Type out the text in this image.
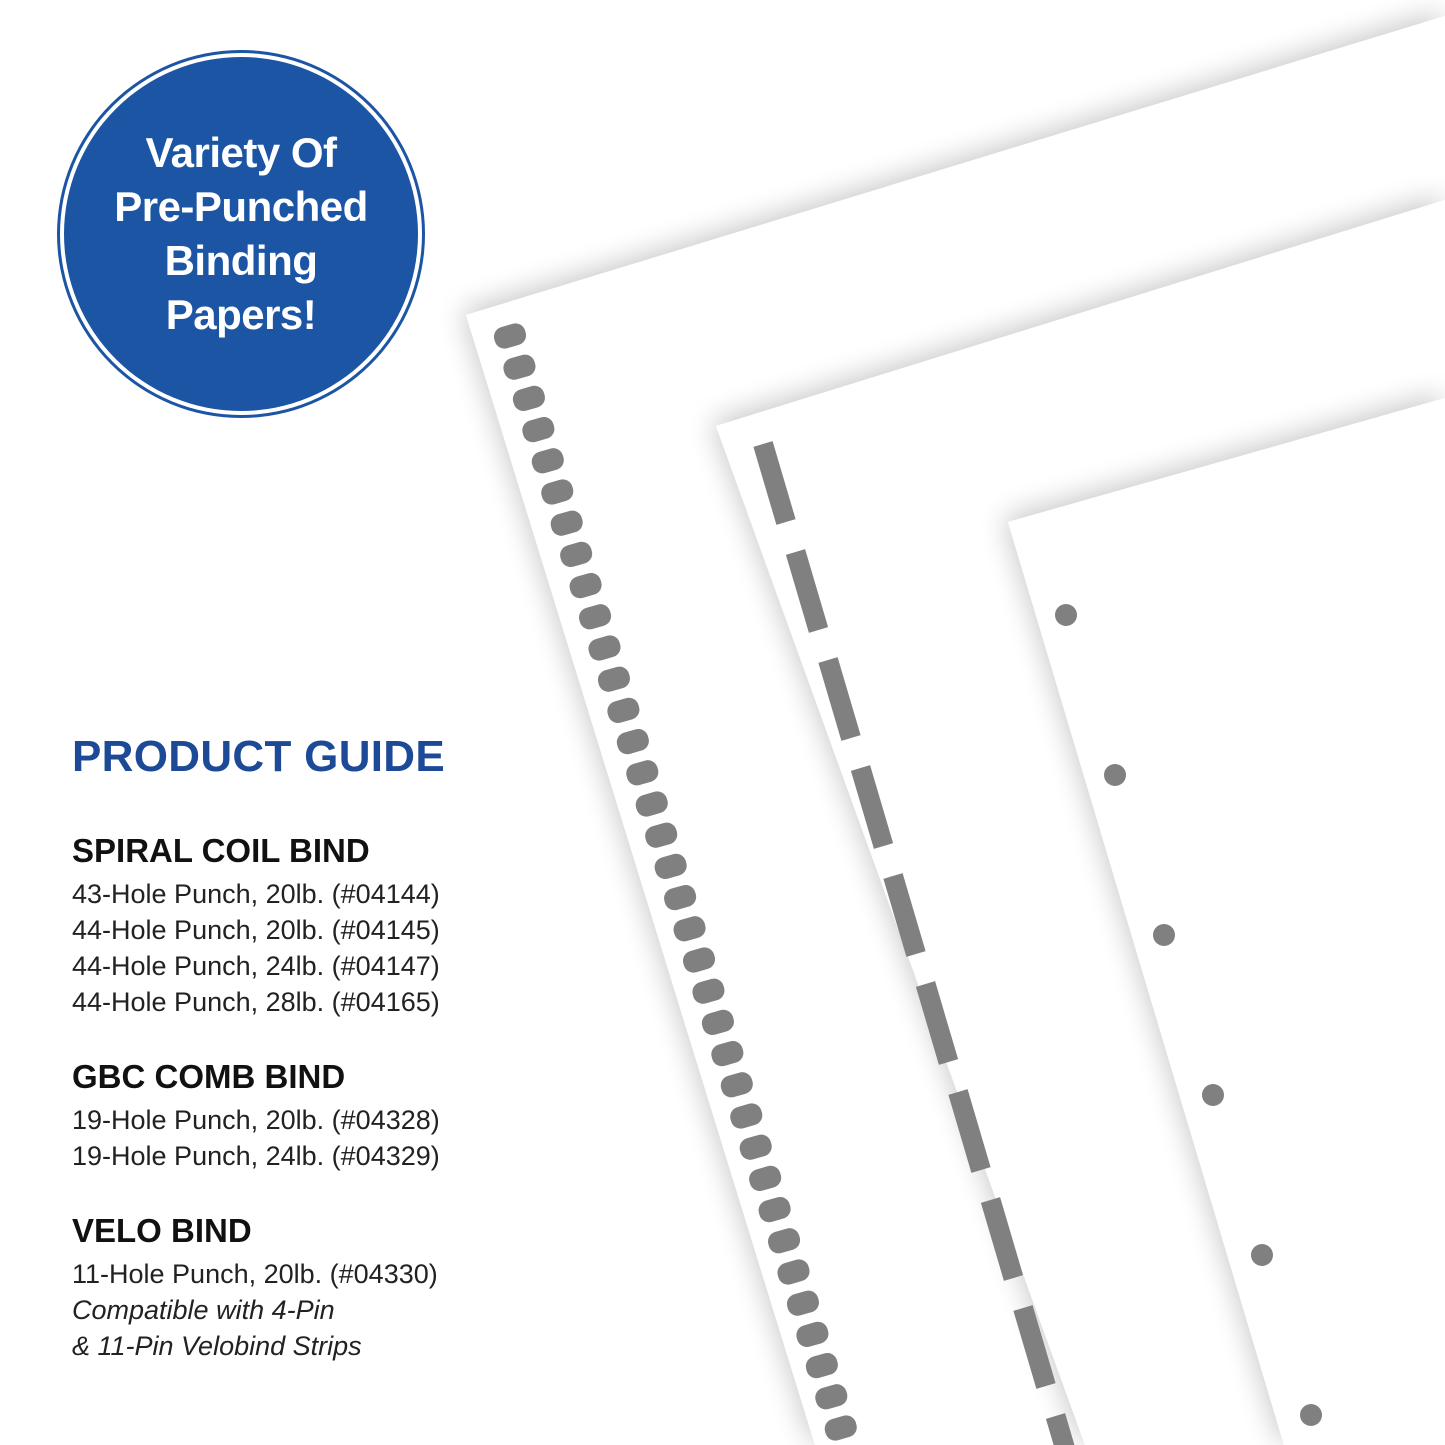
Variety Of
Pre-Punched
Binding
Papers!
PRODUCT GUIDE
SPIRAL COIL BIND
43-Hole Punch, 20lb. (#04144)
44-Hole Punch, 20lb. (#04145)
44-Hole Punch, 24lb. (#04147)
44-Hole Punch, 28lb. (#04165)
GBC COMB BIND
19-Hole Punch, 20lb. (#04328)
19-Hole Punch, 24lb. (#04329)
VELO BIND
11-Hole Punch, 20lb. (#04330)
Compatible with 4-Pin
& 11-Pin Velobind Strips
